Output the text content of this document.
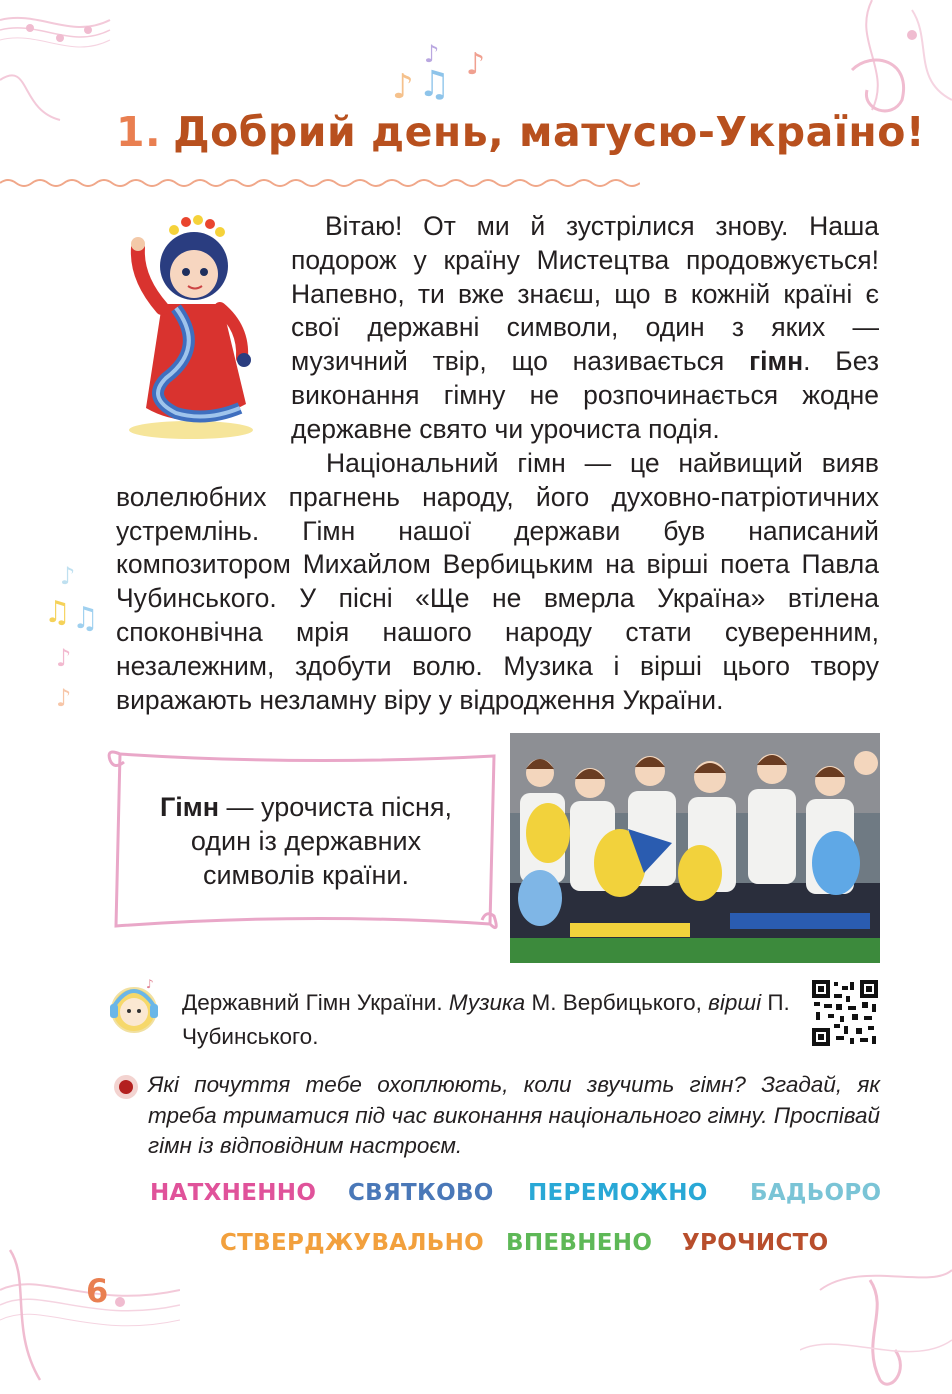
♪ ♫
♪ ♪
♪
♫ ♫
♪
♪
1. Добрий день, матусю-Україно!

Вітаю! От ми й зустрілися знову. Наша подорож у країну Мистецтва продовжується! Напевно, ти вже знаєш, що в кожній країні є свої державні символи, один з яких — музичний твір, що називається гімн. Без виконання гімну не розпочинається жодне державне свято чи урочиста подія.

Національний гімн — це найвищий вияв волелюбних прагнень народу, його духовно-патріотичних устремлінь. Гімн нашої держави був написаний композитором Михайлом Вербицьким на вірші поета Павла Чубинського. У пісні «Ще не вмерла Україна» втілена споконвічна мрія нашого народу стати суверенним, незалежним, здобути волю. Музика і вірші цього твору виражають незламну віру у відродження України.

Гімн — урочиста пісня, один із державних символів країни.
♪
Державний Гімн України. Музика М. Вербицького, вірші П. Чубинського.

Які почуття тебе охоплюють, коли звучить гімн? Згадай, як треба триматися під час виконання національного гімну. Проспівай гімн із відповідним настроєм.

НАТХНЕННО СВЯТКОВО ПЕРЕМОЖНО БАДЬОРО
СТВЕРДЖУВАЛЬНО ВПЕВНЕНО УРОЧИСТО
6
